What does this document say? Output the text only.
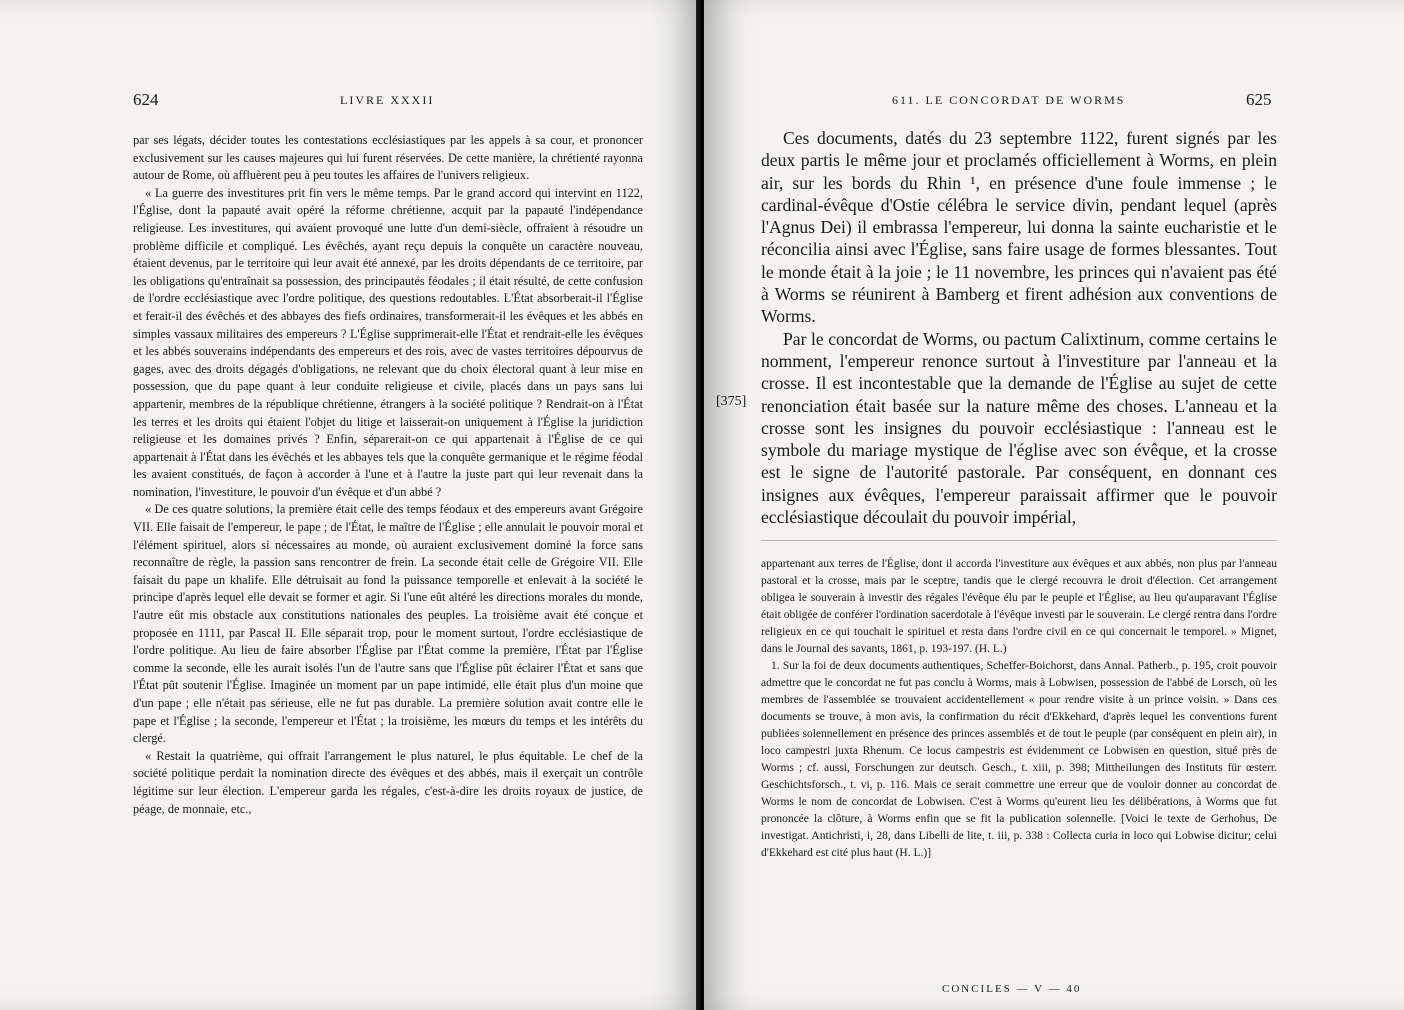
624	LIVRE XXXII

par ses légats, décider toutes les contestations ecclésiastiques par les appels à sa cour, et prononcer exclusivement sur les causes majeures qui lui furent réservées. De cette manière, la chrétienté rayonna autour de Rome, où affluèrent peu à peu toutes les affaires de l'univers religieux.

« La guerre des investitures prit fin vers le même temps. Par le grand accord qui intervint en 1122, l'Église, dont la papauté avait opéré la réforme chrétienne, acquit par la papauté l'indépendance religieuse. Les investitures, qui avaient provoqué une lutte d'un demi-siècle, offraient à résoudre un problème difficile et compliqué. Les évêchés, ayant reçu depuis la conquête un caractère nouveau, étaient devenus, par le territoire qui leur avait été annexé, par les droits dépendants de ce territoire, par les obligations qu'entraînait sa possession, des principautés féodales ; il était résulté, de cette confusion de l'ordre ecclésiastique avec l'ordre politique, des questions redoutables. L'État absorberait-il l'Église et ferait-il des évêchés et des abbayes des fiefs ordinaires, transformerait-il les évêques et les abbés en simples vassaux militaires des empereurs ? L'Église supprimerait-elle l'État et rendrait-elle les évêques et les abbés souverains indépendants des empereurs et des rois, avec de vastes territoires dépourvus de gages, avec des droits dégagés d'obligations, ne relevant que du choix électoral quant à leur mise en possession, que du pape quant à leur conduite religieuse et civile, placés dans un pays sans lui appartenir, membres de la république chrétienne, étrangers à la société politique ? Rendrait-on à l'État les terres et les droits qui étaient l'objet du litige et laisserait-on uniquement à l'Église la juridiction religieuse et les domaines privés ? Enfin, séparerait-on ce qui appartenait à l'Église de ce qui appartenait à l'État dans les évêchés et les abbayes tels que la conquête germanique et le régime féodal les avaient constitués, de façon à accorder à l'une et à l'autre la juste part qui leur revenait dans la nomination, l'investiture, le pouvoir d'un évêque et d'un abbé ?

« De ces quatre solutions, la première était celle des temps féodaux et des empereurs avant Grégoire VII. Elle faisait de l'empereur, le pape ; de l'État, le maître de l'Église ; elle annulait le pouvoir moral et l'élément spirituel, alors si nécessaires au monde, où auraient exclusivement dominé la force sans reconnaître de règle, la passion sans rencontrer de frein. La seconde était celle de Grégoire VII. Elle faisait du pape un khalife. Elle détruisait au fond la puissance temporelle et enlevait à la société le principe d'après lequel elle devait se former et agir. Si l'une eût altéré les directions morales du monde, l'autre eût mis obstacle aux constitutions nationales des peuples. La troisième avait été conçue et proposée en 1111, par Pascal II. Elle séparait trop, pour le moment surtout, l'ordre ecclésiastique de l'ordre politique. Au lieu de faire absorber l'Église par l'État comme la première, l'État par l'Église comme la seconde, elle les aurait isolés l'un de l'autre sans que l'Église pût éclairer l'État et sans que l'État pût soutenir l'Église. Imaginée un moment par un pape intimidé, elle était plus d'un moine que d'un pape ; elle n'était pas sérieuse, elle ne fut pas durable. La première solution avait contre elle le pape et l'Église ; la seconde, l'empereur et l'État ; la troisième, les mœurs du temps et les intérêts du clergé.

« Restait la quatrième, qui offrait l'arrangement le plus naturel, le plus équitable. Le chef de la société politique perdait la nomination directe des évêques et des abbés, mais il exerçait un contrôle légitime sur leur élection. L'empereur garda les régales, c'est-à-dire les droits royaux de justice, de péage, de monnaie, etc.,

611. LE CONCORDAT DE WORMS	625
[375]

Ces documents, datés du 23 septembre 1122, furent signés par les deux partis le même jour et proclamés officiellement à Worms, en plein air, sur les bords du Rhin ¹, en présence d'une foule immense ; le cardinal-évêque d'Ostie célébra le service divin, pendant lequel (après l'Agnus Dei) il embrassa l'empereur, lui donna la sainte eucharistie et le réconcilia ainsi avec l'Église, sans faire usage de formes blessantes. Tout le monde était à la joie ; le 11 novembre, les princes qui n'avaient pas été à Worms se réunirent à Bamberg et firent adhésion aux conventions de Worms.

Par le concordat de Worms, ou pactum Calixtinum, comme certains le nomment, l'empereur renonce surtout à l'investiture par l'anneau et la crosse. Il est incontestable que la demande de l'Église au sujet de cette renonciation était basée sur la nature même des choses. L'anneau et la crosse sont les insignes du pouvoir ecclésiastique : l'anneau est le symbole du mariage mystique de l'église avec son évêque, et la crosse est le signe de l'autorité pastorale. Par conséquent, en donnant ces insignes aux évêques, l'empereur paraissait affirmer que le pouvoir ecclésiastique découlait du pouvoir impérial,

appartenant aux terres de l'Église, dont il accorda l'investiture aux évêques et aux abbés, non plus par l'anneau pastoral et la crosse, mais par le sceptre, tandis que le clergé recouvra le droit d'élection. Cet arrangement obligea le souverain à investir des régales l'évêque élu par le peuple et l'Église, au lieu qu'auparavant l'Église était obligée de conférer l'ordination sacerdotale à l'évêque investi par le souverain. Le clergé rentra dans l'ordre religieux en ce qui touchait le spirituel et resta dans l'ordre civil en ce qui concernait le temporel. » Mignet, dans le Journal des savants, 1861, p. 193-197. (H. L.)

1. Sur la foi de deux documents authentiques, Scheffer-Boichorst, dans Annal. Patherb., p. 195, croit pouvoir admettre que le concordat ne fut pas conclu à Worms, mais à Lobwisen, possession de l'abbé de Lorsch, où les membres de l'assemblée se trouvaient accidentellement « pour rendre visite à un prince voisin. » Dans ces documents se trouve, à mon avis, la confirmation du récit d'Ekkehard, d'après lequel les conventions furent publiées solennellement en présence des princes assemblés et de tout le peuple (par conséquent en plein air), in loco campestri juxta Rhenum. Ce locus campestris est évidemment ce Lobwisen en question, situé près de Worms ; cf. aussi, Forschungen zur deutsch. Gesch., t. xiii, p. 398; Mittheilungen des Instituts für œsterr. Geschichtsforsch., t. vi, p. 116. Mais ce serait commettre une erreur que de vouloir donner au concordat de Worms le nom de concordat de Lobwisen. C'est à Worms qu'eurent lieu les délibérations, à Worms que fut prononcée la clôture, à Worms enfin que se fit la publication solennelle. [Voici le texte de Gerhohus, De investigat. Antichristi, i, 28, dans Libelli de lite, t. iii, p. 338 : Collecta curia in loco qui Lobwise dicitur; celui d'Ekkehard est cité plus haut (H. L.)]

CONCILES — V — 40
